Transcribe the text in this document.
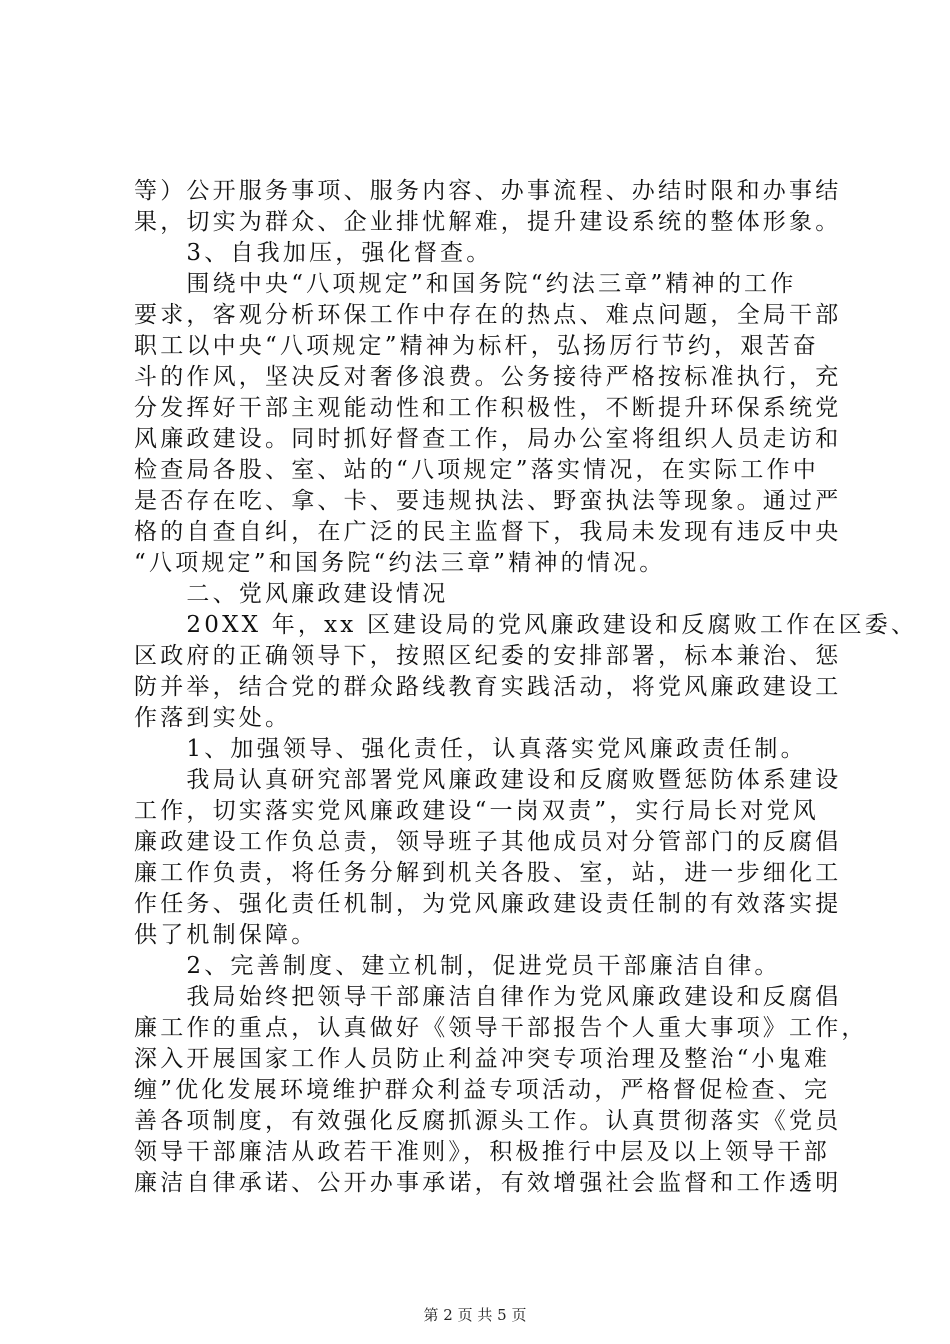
等）公开服务事项、服务内容、办事流程、办结时限和办事结
果，切实为群众、企业排忧解难，提升建设系统的整体形象。
　　3、自我加压，强化督查。
　　围绕中央“八项规定”和国务院“约法三章”精神的工作
要求，客观分析环保工作中存在的热点、难点问题，全局干部
职工以中央“八项规定”精神为标杆，弘扬厉行节约，艰苦奋
斗的作风，坚决反对奢侈浪费。公务接待严格按标准执行，充
分发挥好干部主观能动性和工作积极性，不断提升环保系统党
风廉政建设。同时抓好督查工作，局办公室将组织人员走访和
检查局各股、室、站的“八项规定”落实情况，在实际工作中
是否存在吃、拿、卡、要违规执法、野蛮执法等现象。通过严
格的自查自纠，在广泛的民主监督下，我局未发现有违反中央
“八项规定”和国务院“约法三章”精神的情况。
　　二、党风廉政建设情况
　　20XX 年，xx 区建设局的党风廉政建设和反腐败工作在区委、
区政府的正确领导下，按照区纪委的安排部署，标本兼治、惩
防并举，结合党的群众路线教育实践活动，将党风廉政建设工
作落到实处。
　　1、加强领导、强化责任，认真落实党风廉政责任制。
　　我局认真研究部署党风廉政建设和反腐败暨惩防体系建设
工作，切实落实党风廉政建设“一岗双责”，实行局长对党风
廉政建设工作负总责，领导班子其他成员对分管部门的反腐倡
廉工作负责，将任务分解到机关各股、室，站，进一步细化工
作任务、强化责任机制，为党风廉政建设责任制的有效落实提
供了机制保障。
　　2、完善制度、建立机制，促进党员干部廉洁自律。
　　我局始终把领导干部廉洁自律作为党风廉政建设和反腐倡
廉工作的重点，认真做好《领导干部报告个人重大事项》工作，
深入开展国家工作人员防止利益冲突专项治理及整治“小鬼难
缠”优化发展环境维护群众利益专项活动，严格督促检查、完
善各项制度，有效强化反腐抓源头工作。认真贯彻落实《党员
领导干部廉洁从政若干准则》，积极推行中层及以上领导干部
廉洁自律承诺、公开办事承诺，有效增强社会监督和工作透明
第 2 页 共 5 页
